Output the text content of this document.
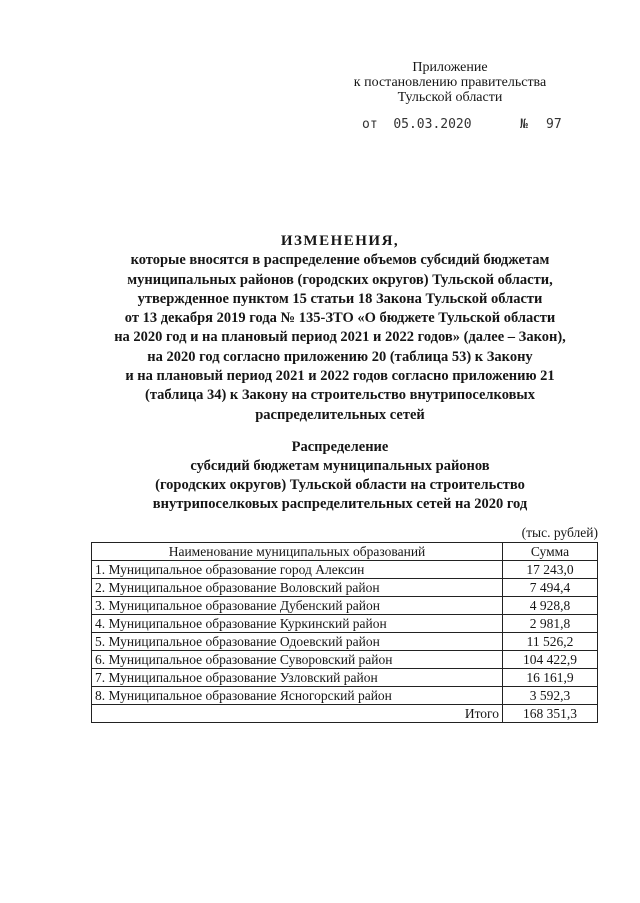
Приложение
к постановлению правительства
Тульской области
от 05.03.2020	№ 97
ИЗМЕНЕНИЯ,
которые вносятся в распределение объемов субсидий бюджетам
муниципальных районов (городских округов) Тульской области,
утвержденное пунктом 15 статьи 18 Закона Тульской области
от 13 декабря 2019 года № 135-ЗТО «О бюджете Тульской области
на 2020 год и на плановый период 2021 и 2022 годов» (далее – Закон),
на 2020 год согласно приложению 20 (таблица 53) к Закону
и на плановый период 2021 и 2022 годов согласно приложению 21
(таблица 34) к Закону на строительство внутрипоселковых
распределительных сетей
Распределение
субсидий бюджетам муниципальных районов
(городских округов) Тульской области на строительство
внутрипоселковых распределительных сетей на 2020 год
(тыс. рублей)
Наименование муниципальных образований	Сумма
1. Муниципальное образование город Алексин	17 243,0
2. Муниципальное образование Воловский район	7 494,4
3. Муниципальное образование Дубенский район	4 928,8
4. Муниципальное образование Куркинский район	2 981,8
5. Муниципальное образование Одоевский район	11 526,2
6. Муниципальное образование Суворовский район	104 422,9
7. Муниципальное образование Узловский район	16 161,9
8. Муниципальное образование Ясногорский район	3 592,3
Итого	168 351,3
